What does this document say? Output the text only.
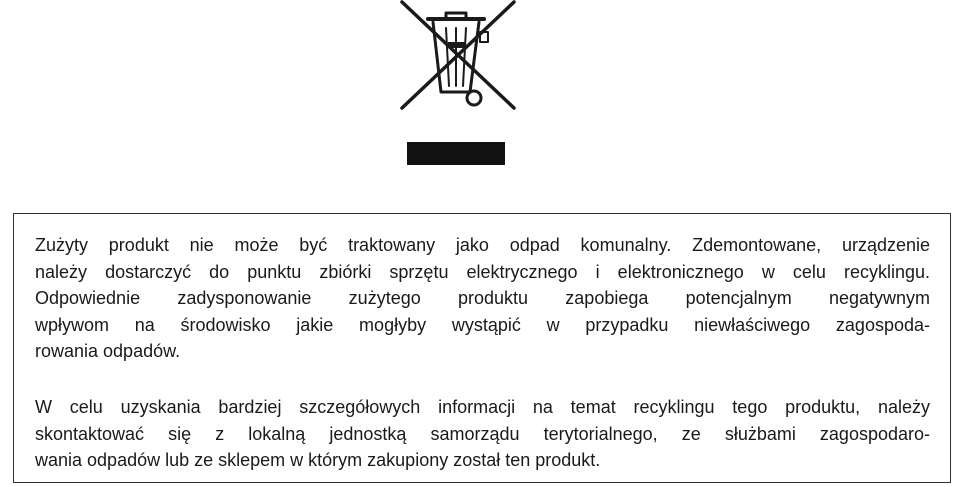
Zużyty produkt nie może być traktowany jako odpad komunalny. Zdemontowane, urządzenie
należy dostarczyć do punktu zbiórki sprzętu elektrycznego i elektronicznego w celu recyklingu.
Odpowiednie zadysponowanie zużytego produktu zapobiega potencjalnym negatywnym
wpływom na środowisko jakie mogłyby wystąpić w przypadku niewłaściwego zagospoda-
rowania odpadów.

W celu uzyskania bardziej szczegółowych informacji na temat recyklingu tego produktu, należy
skontaktować się z lokalną jednostką samorządu terytorialnego, ze służbami zagospodaro-
wania odpadów lub ze sklepem w którym zakupiony został ten produkt.
